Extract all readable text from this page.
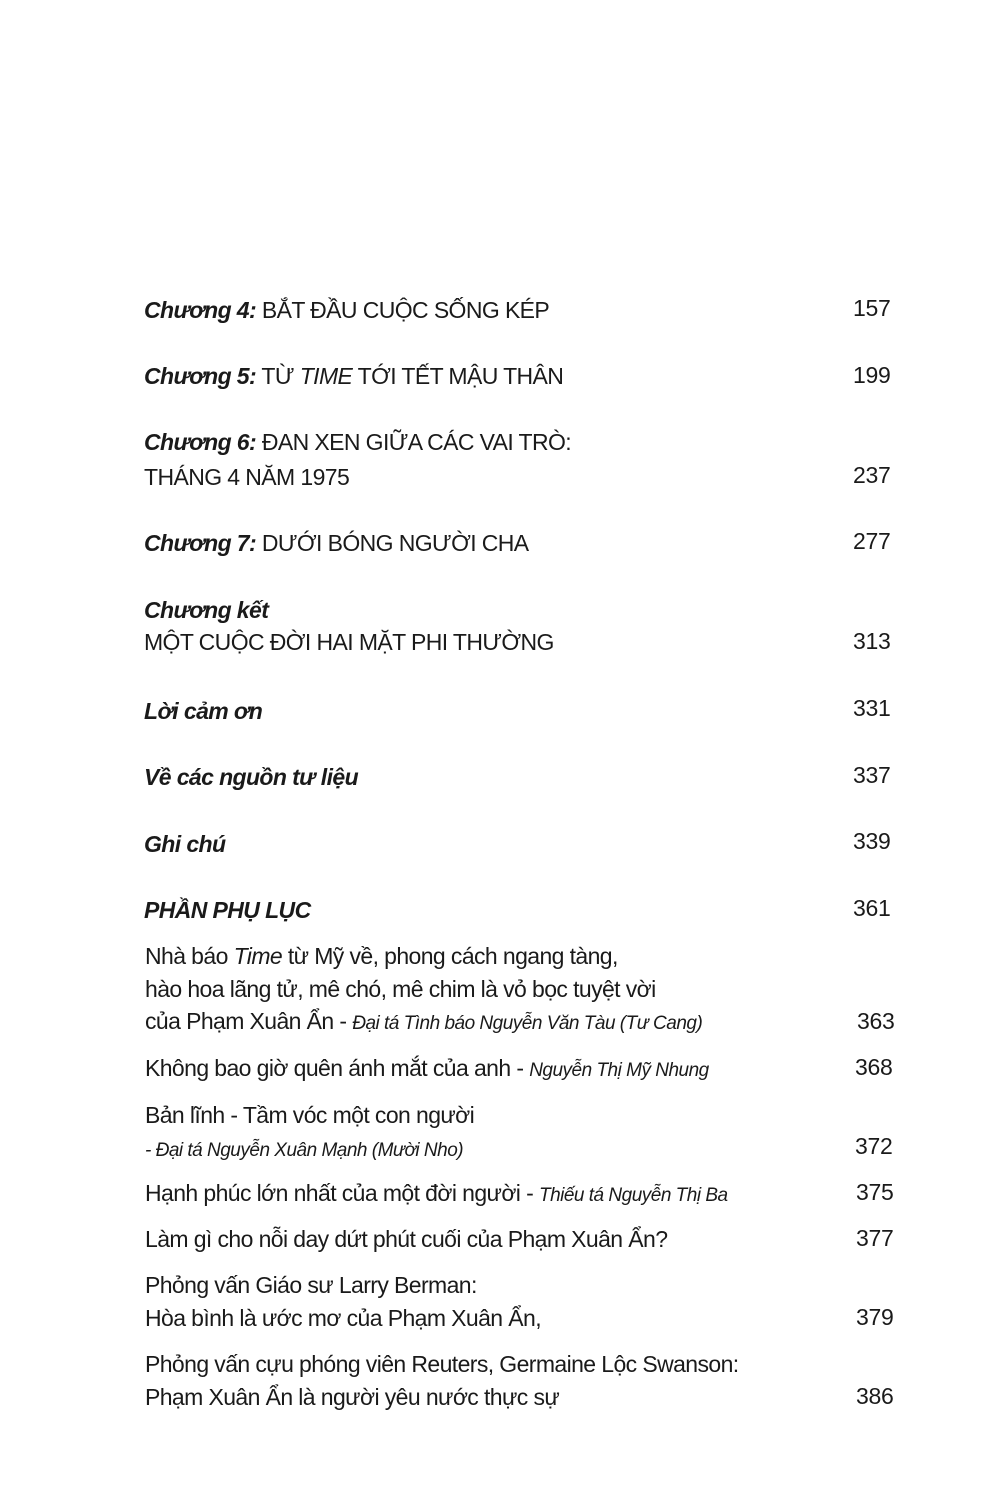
Chương 4: BẮT ĐẦU CUỘC SỐNG KÉP	157
Chương 5: TỪ TIME TỚI TẾT MẬU THÂN	199
Chương 6: ĐAN XEN GIỮA CÁC VAI TRÒ:
THÁNG 4 NĂM 1975	237
Chương 7: DƯỚI BÓNG NGƯỜI CHA	277
Chương kết
MỘT CUỘC ĐỜI HAI MẶT PHI THƯỜNG	313
Lời cảm ơn	331
Về các nguồn tư liệu	337
Ghi chú	339
PHẦN PHỤ LỤC	361
Nhà báo Time từ Mỹ về, phong cách ngang tàng,
hào hoa lãng tử, mê chó, mê chim là vỏ bọc tuyệt vời
của Phạm Xuân Ẩn - Đại tá Tình báo Nguyễn Văn Tàu (Tư Cang)	363
Không bao giờ quên ánh mắt của anh - Nguyễn Thị Mỹ Nhung	368
Bản lĩnh - Tầm vóc một con người
- Đại tá Nguyễn Xuân Mạnh (Mười Nho)	372
Hạnh phúc lớn nhất của một đời người - Thiếu tá Nguyễn Thị Ba	375
Làm gì cho nỗi day dứt phút cuối của Phạm Xuân Ẩn?	377
Phỏng vấn Giáo sư Larry Berman:
Hòa bình là ước mơ của Phạm Xuân Ẩn,	379
Phỏng vấn cựu phóng viên Reuters, Germaine Lộc Swanson:
Phạm Xuân Ẩn là người yêu nước thực sự	386
